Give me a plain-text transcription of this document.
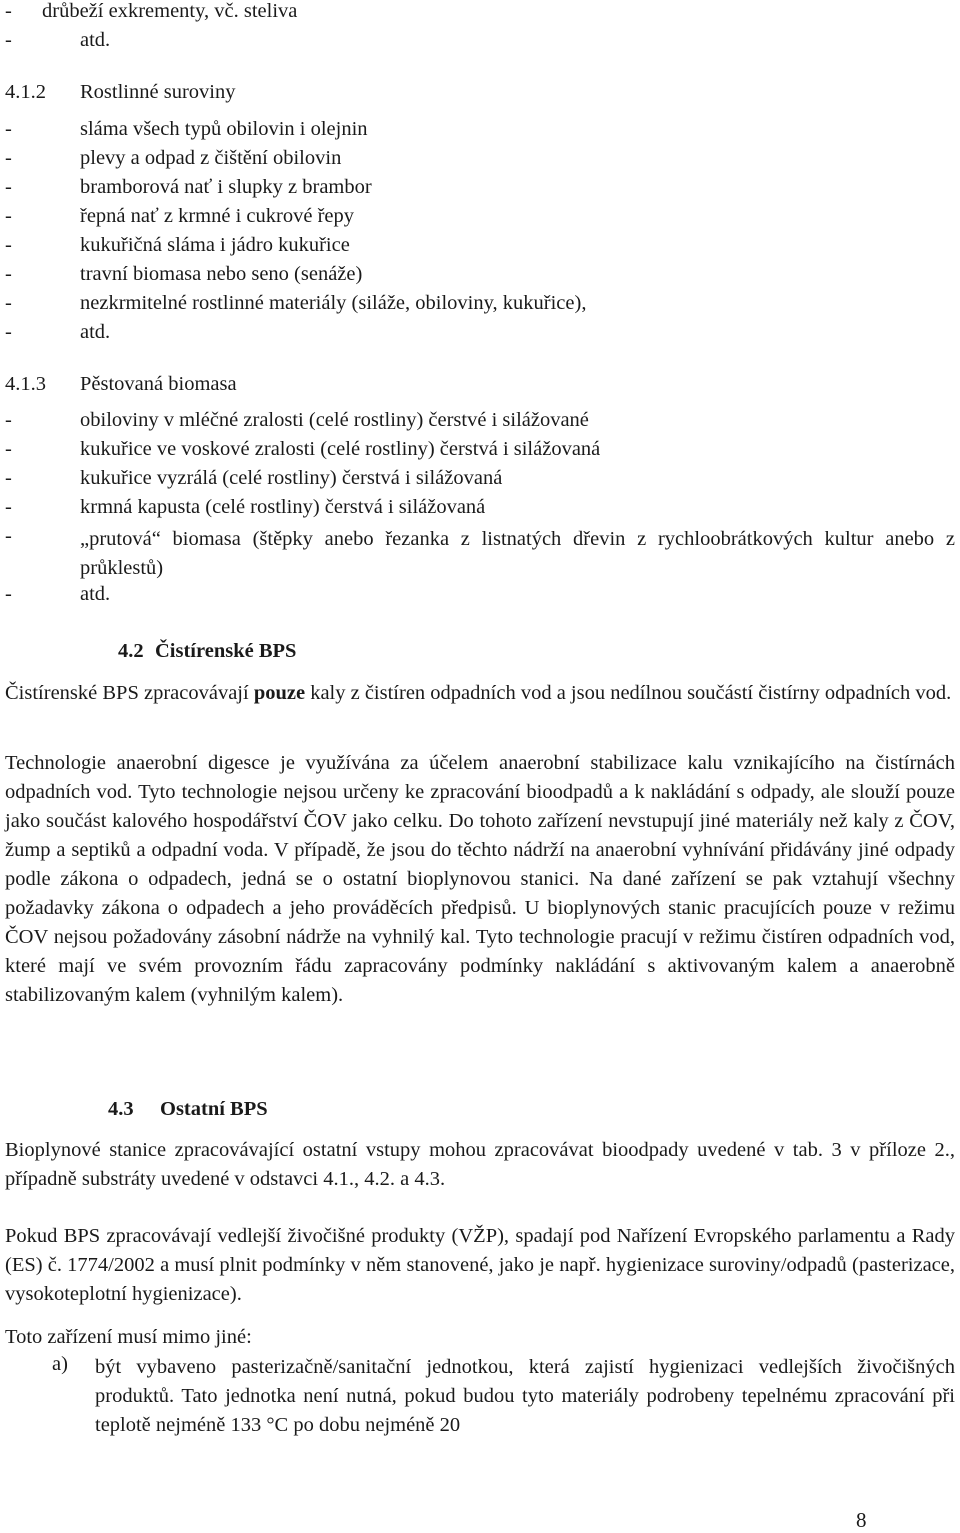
- drůbeží exkrementy, vč. steliva
-	atd.
4.1.2 Rostlinné suroviny
-	sláma všech typů obilovin i olejnin
-	plevy a odpad z čištění obilovin
-	bramborová nať i slupky z brambor
-	řepná nať z krmné i cukrové řepy
-	kukuřičná sláma i jádro kukuřice
-	travní biomasa nebo seno (senáže)
-	nezkrmitelné rostlinné materiály (siláže, obiloviny, kukuřice),
-	atd.
4.1.3 Pěstovaná biomasa
-	obiloviny v mléčné zralosti (celé rostliny) čerstvé i silážované
-	kukuřice ve voskové zralosti (celé rostliny) čerstvá i silážovaná
-	kukuřice vyzrálá (celé rostliny) čerstvá i silážovaná
-	krmná kapusta (celé rostliny) čerstvá i silážovaná
-	„prutová“ biomasa (štěpky anebo řezanka z listnatých dřevin z rychloobrátkových kultur anebo z průklestů)
-	atd.
4.2 Čistírenské BPS
Čistírenské BPS zpracovávají pouze kaly z čistíren odpadních vod a jsou nedílnou součástí čistírny odpadních vod.
Technologie anaerobní digesce je využívána za účelem anaerobní stabilizace kalu vznikajícího na čistírnách odpadních vod. Tyto technologie nejsou určeny ke zpracování bioodpadů a k nakládání s odpady, ale slouží pouze jako součást kalového hospodářství ČOV jako celku. Do tohoto zařízení nevstupují jiné materiály než kaly z ČOV, žump a septiků a odpadní voda. V případě, že jsou do těchto nádrží na anaerobní vyhnívání přidávány jiné odpady podle zákona o odpadech, jedná se o ostatní bioplynovou stanici. Na dané zařízení se pak vztahují všechny požadavky zákona o odpadech a jeho prováděcích předpisů. U bioplynových stanic pracujících pouze v režimu ČOV nejsou požadovány zásobní nádrže na vyhnilý kal. Tyto technologie pracují v režimu čistíren odpadních vod, které mají ve svém provozním řádu zapracovány podmínky nakládání s aktivovaným kalem a anaerobně stabilizovaným kalem (vyhnilým kalem).
4.3 Ostatní BPS
Bioplynové stanice zpracovávající ostatní vstupy mohou zpracovávat bioodpady uvedené v tab. 3 v příloze 2., případně substráty uvedené v odstavci 4.1., 4.2. a 4.3.
Pokud BPS zpracovávají vedlejší živočišné produkty (VŽP), spadají pod Nařízení Evropského parlamentu a Rady (ES) č. 1774/2002 a musí plnit podmínky v něm stanovené, jako je např. hygienizace suroviny/odpadů (pasterizace, vysokoteplotní hygienizace).
Toto zařízení musí mimo jiné:
a) být vybaveno pasterizačně/sanitační jednotkou, která zajistí hygienizaci vedlejších živočišných produktů. Tato jednotka není nutná, pokud budou tyto materiály podrobeny tepelnému zpracování při teplotě nejméně 133 °C po dobu nejméně 20
8
